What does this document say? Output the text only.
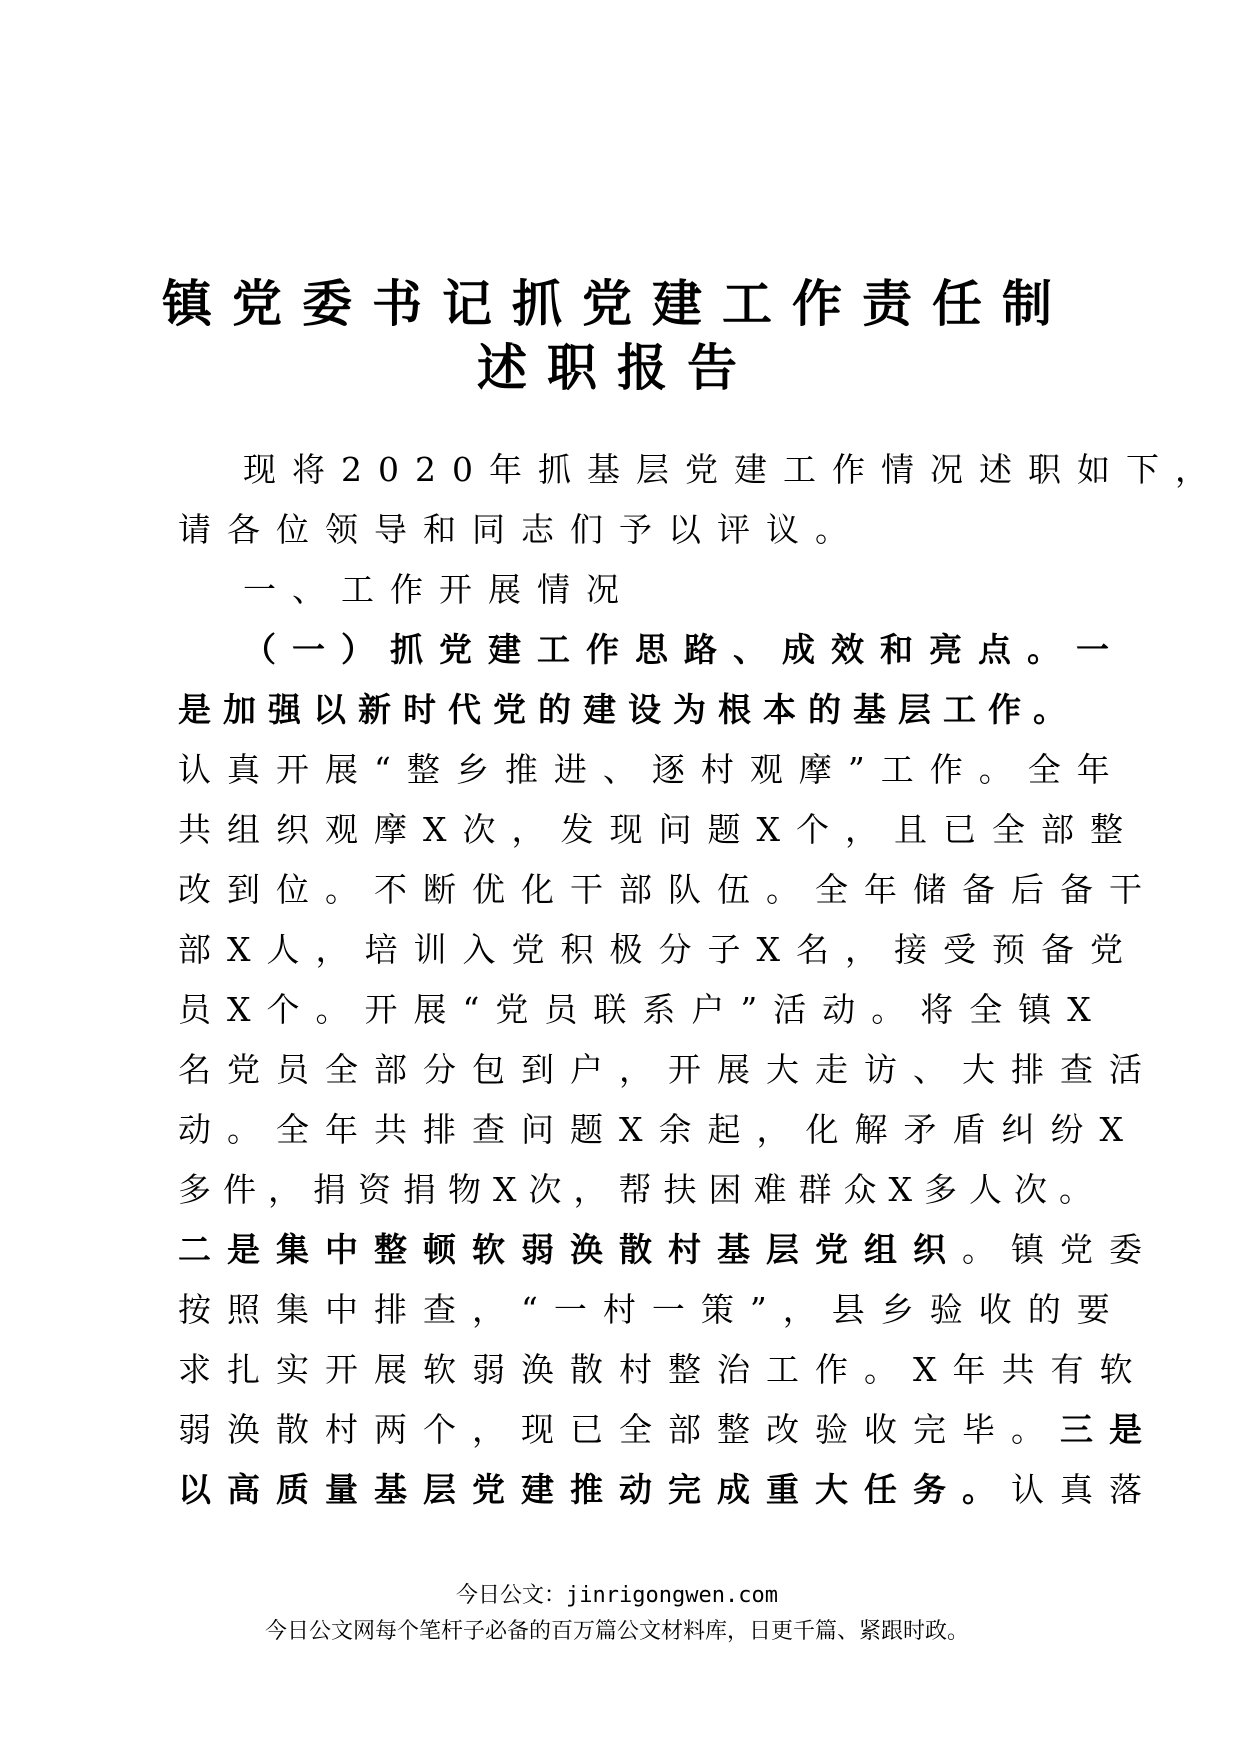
镇党委书记抓党建工作责任制
述职报告
现将2020年抓基层党建工作情况述职如下，
请各位领导和同志们予以评议。
一、工作开展情况
（一）抓党建工作思路、成效和亮点。一
是加强以新时代党的建设为根本的基层工作。
认真开展“整乡推进、逐村观摩”工作。全年
共组织观摩X次，发现问题X个，且已全部整
改到位。不断优化干部队伍。全年储备后备干
部X人，培训入党积极分子X名，接受预备党
员X个。开展“党员联系户”活动。将全镇X
名党员全部分包到户，开展大走访、大排查活
动。全年共排查问题X余起，化解矛盾纠纷X
多件，捐资捐物X次，帮扶困难群众X多人次。
二是集中整顿软弱涣散村基层党组织。镇党委
按照集中排查，“一村一策”，县乡验收的要
求扎实开展软弱涣散村整治工作。X年共有软
弱涣散村两个，现已全部整改验收完毕。三是
以高质量基层党建推动完成重大任务。认真落
今日公文：jinrigongwen.com
今日公文网每个笔杆子必备的百万篇公文材料库，日更千篇、紧跟时政。
